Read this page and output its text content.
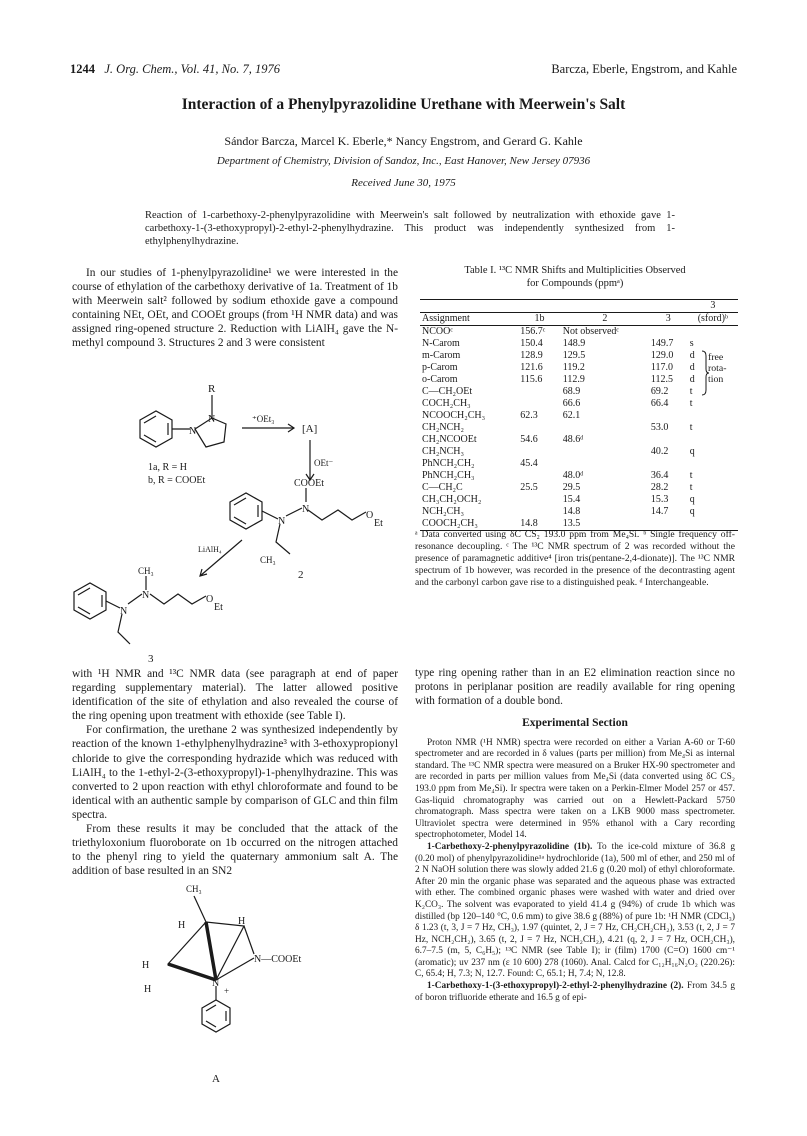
1244 J. Org. Chem., Vol. 41, No. 7, 1976	Barcza, Eberle, Engstrom, and Kahle
Interaction of a Phenylpyrazolidine Urethane with Meerwein's Salt
Sándor Barcza, Marcel K. Eberle,* Nancy Engstrom, and Gerard G. Kahle
Department of Chemistry, Division of Sandoz, Inc., East Hanover, New Jersey 07936
Received June 30, 1975
Reaction of 1-carbethoxy-2-phenylpyrazolidine with Meerwein's salt followed by neutralization with ethoxide gave 1-carbethoxy-1-(3-ethoxypropyl)-2-ethyl-2-phenylhydrazine. This product was independently synthesized from 1-ethylphenylhydrazine.

In our studies of 1-phenylpyrazolidine¹ we were interested in the course of ethylation of the carbethoxy derivative of 1a. Treatment of 1b with Meerwein salt² followed by sodium ethoxide gave a compound containing NEt, OEt, and COOEt groups (from ¹H NMR data) and was assigned ring-opened structure 2. Reduction with LiAlH₄ gave the N-methyl compound 3. Structures 2 and 3 were consistent

R
N
N
1a, R = H
b, R = COOEt
⁺OEt₃
[A]
OEt⁻
N
N
COOEt
O
Et
CH₃
2
LiAlH₄
N
N
CH₃
O
Et
3

with ¹H NMR and ¹³C NMR data (see paragraph at end of paper regarding supplementary material). The latter allowed positive identification of the site of ethylation and also revealed the course of the ring opening upon treatment with ethoxide (see Table I).

For confirmation, the urethane 2 was synthesized independently by reaction of the known 1-ethylphenylhydrazine³ with 3-ethoxypropionyl chloride to give the corresponding hydrazide which was reduced with LiAlH₄ to the 1-ethyl-2-(3-ethoxypropyl)-1-phenylhydrazine. This was converted to 2 upon reaction with ethyl chloroformate and found to be identical with an authentic sample by comparison of GLC and thin film spectra.

From these results it may be concluded that the attack of the triethyloxonium fluoroborate on 1b occurred on the nitrogen attached to the phenyl ring to yield the quaternary ammonium salt A. The addition of base resulted in an SN2

CH₃
H	H
H
H
N—COOEt
N
+
A
Table I. ¹³C NMR Shifts and Multiplicities Observed
for Compounds (ppmᵃ)
				3
Assignment	1b	2	3	(sford)ᵇ
NCOOᶜ	156.7ᶜ	Not observedᶜ		
N-Carom	150.4	148.9	149.7	s
m-Carom	128.9	129.5	129.0	d
p-Carom	121.6	119.2	117.0	d
o-Carom	115.6	112.9	112.5	d
C—CH₂OEt		68.9	69.2	t
COCH₂CH₃		66.6	66.4	t
NCOOCH₂CH₃	62.3	62.1		
CH₂NCH₂			53.0	t
CH₂NCOOEt	54.6	48.6ᵈ		
CH₂NCH₃			40.2	q
PhNCH₂CH₂	45.4			
PhNCH₂CH₃		48.0ᵈ	36.4	t
C—CH₂C	25.5	29.5	28.2	t
CH₃CH₂OCH₂		15.4	15.3	q
NCH₂CH₃		14.8	14.7	q
COOCH₂CH₃	14.8	13.5		
free
rota-
tion
ᵃ Data converted using δC CS₂ 193.0 ppm from Me₄Si. ᵇ Single frequency off-resonance decoupling. ᶜ The ¹³C NMR spectrum of 2 was recorded without the presence of paramagnetic additive⁴ [iron tris(pentane-2,4-dionate)]. The ¹³C NMR spectrum of 1b however, was recorded in the presence of the decontrasting agent and the carbonyl carbon gave rise to a distinguished peak. ᵈ Interchangeable.

type ring opening rather than in an E2 elimination reaction since no protons in periplanar position are readily available for ring opening with formation of a double bond.

Experimental Section

Proton NMR (¹H NMR) spectra were recorded on either a Varian A-60 or T-60 spectrometer and are recorded in δ values (parts per million) from Me₄Si as internal standard. The ¹³C NMR spectra were measured on a Bruker HX-90 spectrometer and are recorded in parts per million values from Me₄Si (data converted using δC CS₂ 193.0 ppm from Me₄Si). Ir spectra were taken on a Perkin-Elmer Model 257 or 457. Gas-liquid chromatography was carried out on a Hewlett-Packard 5750 chromatograph. Mass spectra were taken on a LKB 9000 mass spectrometer. Ultraviolet spectra were determined in 95% ethanol with a Cary recording spectrophotometer, Model 14.

1-Carbethoxy-2-phenylpyrazolidine (1b). To the ice-cold mixture of 36.8 g (0.20 mol) of phenylpyrazolidine¹ᵃ hydrochloride (1a), 500 ml of ether, and 250 ml of 2 N NaOH solution there was slowly added 21.6 g (0.20 mol) of ethyl chloroformate. After 20 min the organic phase was separated and the aqueous phase was extracted with ether. The combined organic phases were washed with water and dried over K₂CO₃. The solvent was evaporated to yield 41.4 g (94%) of crude 1b which was distilled (bp 120–140 °C, 0.6 mm) to give 38.6 g (88%) of pure 1b: ¹H NMR (CDCl₃) δ 1.23 (t, 3, J = 7 Hz, CH₃), 1.97 (quintet, 2, J = 7 Hz, CH₂CH₂CH₂), 3.53 (t, 2, J = 7 Hz, NCH₂CH₂), 3.65 (t, 2, J = 7 Hz, NCH₂CH₂), 4.21 (q, 2, J = 7 Hz, OCH₂CH₃), 6.7–7.5 (m, 5, C₆H₅); ¹³C NMR (see Table I); ir (film) 1700 (C=O) 1600 cm⁻¹ (aromatic); uv 237 nm (ε 10 600) 278 (1060). Anal. Calcd for C₁₂H₁₆N₂O₂ (220.26): C, 65.4; H, 7.3; N, 12.7. Found: C, 65.1; H, 7.4; N, 12.8.

1-Carbethoxy-1-(3-ethoxypropyl)-2-ethyl-2-phenylhydrazine (2). From 34.5 g of boron trifluoride etherate and 16.5 g of epi-
